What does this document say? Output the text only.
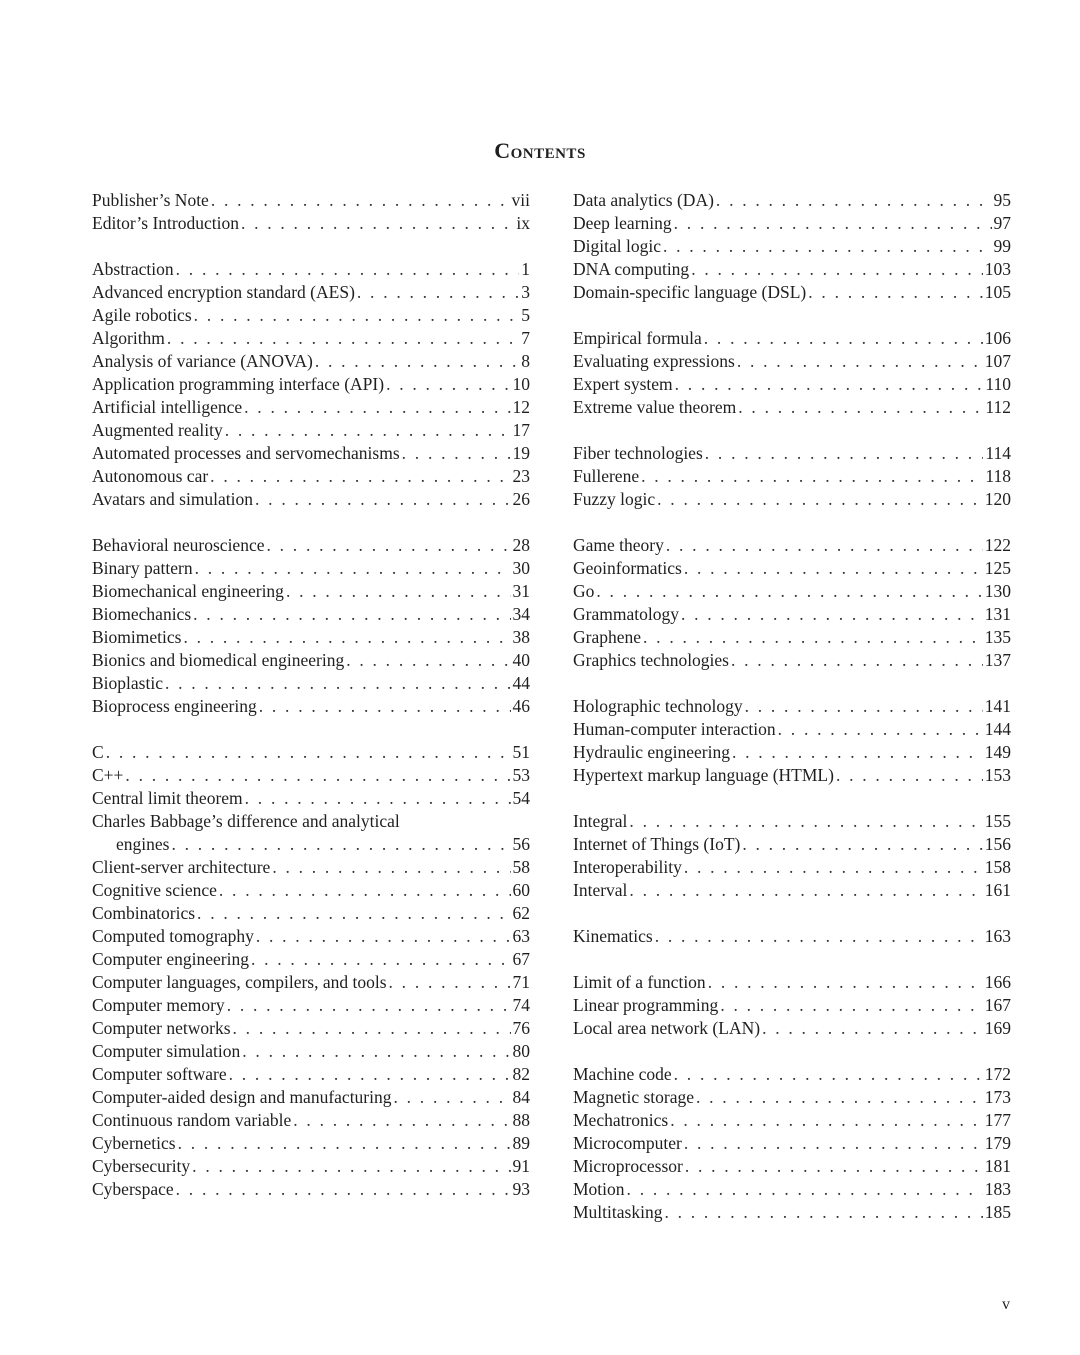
Contents
Publisher’s Note . . .	vii
Editor’s Introduction . . .	ix
Abstraction . . .	1
Advanced encryption standard (AES) . . .	3
Agile robotics . . .	5
Algorithm . . .	7
Analysis of variance (ANOVA) . . .	8
Application programming interface (API) . . .	10
Artificial intelligence . . .	12
Augmented reality . . .	17
Automated processes and servomechanisms . . .	19
Autonomous car . . .	23
Avatars and simulation . . .	26
Behavioral neuroscience . . .	28
Binary pattern . . .	30
Biomechanical engineering . . .	31
Biomechanics . . .	34
Biomimetics . . .	38
Bionics and biomedical engineering . . .	40
Bioplastic . . .	44
Bioprocess engineering . . .	46
C . . .	51
C++ . . .	53
Central limit theorem . . .	54
Charles Babbage’s difference and analytical
engines . . .	56
Client-server architecture . . .	58
Cognitive science . . .	60
Combinatorics . . .	62
Computed tomography . . .	63
Computer engineering . . .	67
Computer languages, compilers, and tools . . .	71
Computer memory . . .	74
Computer networks . . .	76
Computer simulation . . .	80
Computer software . . .	82
Computer-aided design and manufacturing . . .	84
Continuous random variable . . .	88
Cybernetics . . .	89
Cybersecurity . . .	91
Cyberspace . . .	93
Data analytics (DA) . . .	95
Deep learning . . .	97
Digital logic . . .	99
DNA computing . . .	103
Domain-specific language (DSL) . . .	105
Empirical formula . . .	106
Evaluating expressions . . .	107
Expert system . . .	110
Extreme value theorem . . .	112
Fiber technologies . . .	114
Fullerene . . .	118
Fuzzy logic . . .	120
Game theory . . .	122
Geoinformatics . . .	125
Go . . .	130
Grammatology . . .	131
Graphene . . .	135
Graphics technologies . . .	137
Holographic technology . . .	141
Human-computer interaction . . .	144
Hydraulic engineering . . .	149
Hypertext markup language (HTML) . . .	153
Integral . . .	155
Internet of Things (IoT) . . .	156
Interoperability . . .	158
Interval . . .	161
Kinematics . . .	163
Limit of a function . . .	166
Linear programming . . .	167
Local area network (LAN) . . .	169
Machine code . . .	172
Magnetic storage . . .	173
Mechatronics . . .	177
Microcomputer . . .	179
Microprocessor . . .	181
Motion . . .	183
Multitasking . . .	185
v
